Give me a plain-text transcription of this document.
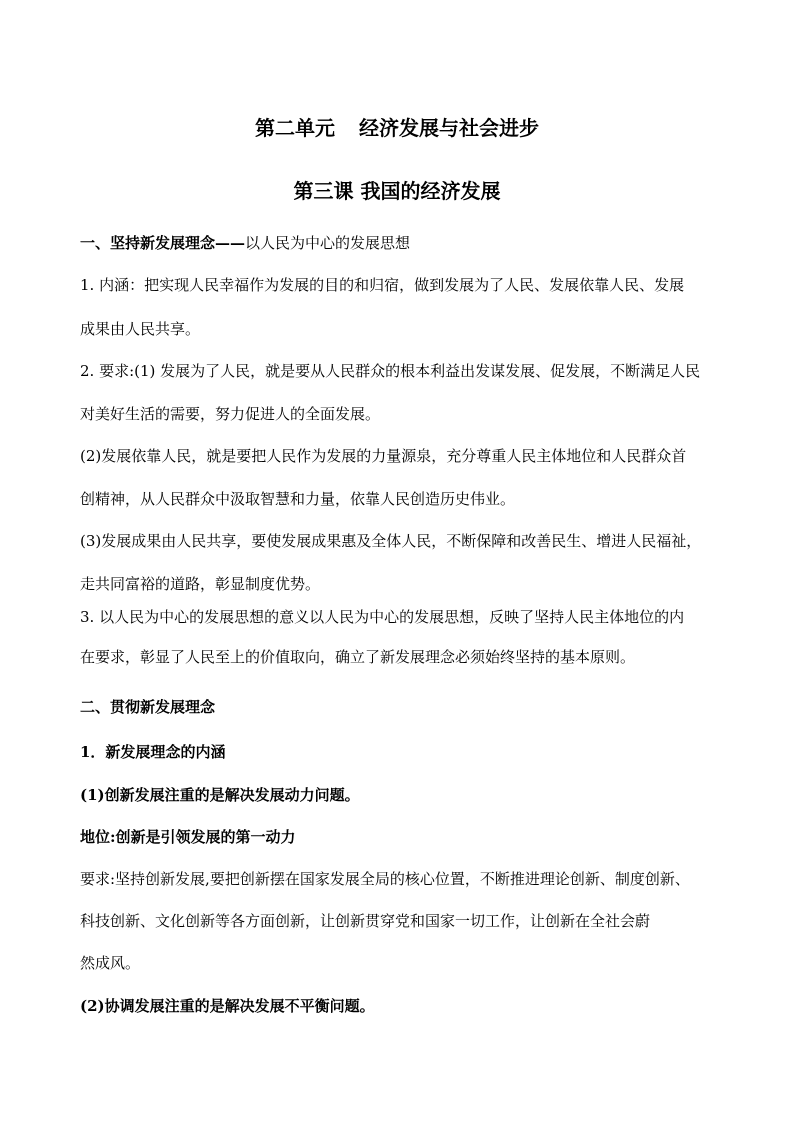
第二单元 经济发展与社会进步
第三课 我国的经济发展
一、坚持新发展理念——以人民为中心的发展思想
1. 内涵：把实现人民幸福作为发展的目的和归宿，做到发展为了人民、发展依靠人民、发展
成果由人民共享。
2. 要求:(1) 发展为了人民，就是要从人民群众的根本利益出发谋发展、促发展，不断满足人民
对美好生活的需要，努力促进人的全面发展。
(2)发展依靠人民，就是要把人民作为发展的力量源泉，充分尊重人民主体地位和人民群众首
创精神，从人民群众中汲取智慧和力量，依靠人民创造历史伟业。
(3)发展成果由人民共享，要使发展成果惠及全体人民，不断保障和改善民生、增进人民福祉，
走共同富裕的道路，彰显制度优势。
3. 以人民为中心的发展思想的意义以人民为中心的发展思想，反映了坚持人民主体地位的内
在要求，彰显了人民至上的价值取向，确立了新发展理念必须始终坚持的基本原则。
二、贯彻新发展理念
1．新发展理念的内涵
(1)创新发展注重的是解决发展动力问题。
地位:创新是引领发展的第一动力
要求:坚持创新发展,要把创新摆在国家发展全局的核心位置，不断推进理论创新、制度创新、
科技创新、文化创新等各方面创新，让创新贯穿党和国家一切工作，让创新在全社会蔚
然成风。
(2)协调发展注重的是解决发展不平衡问题。
